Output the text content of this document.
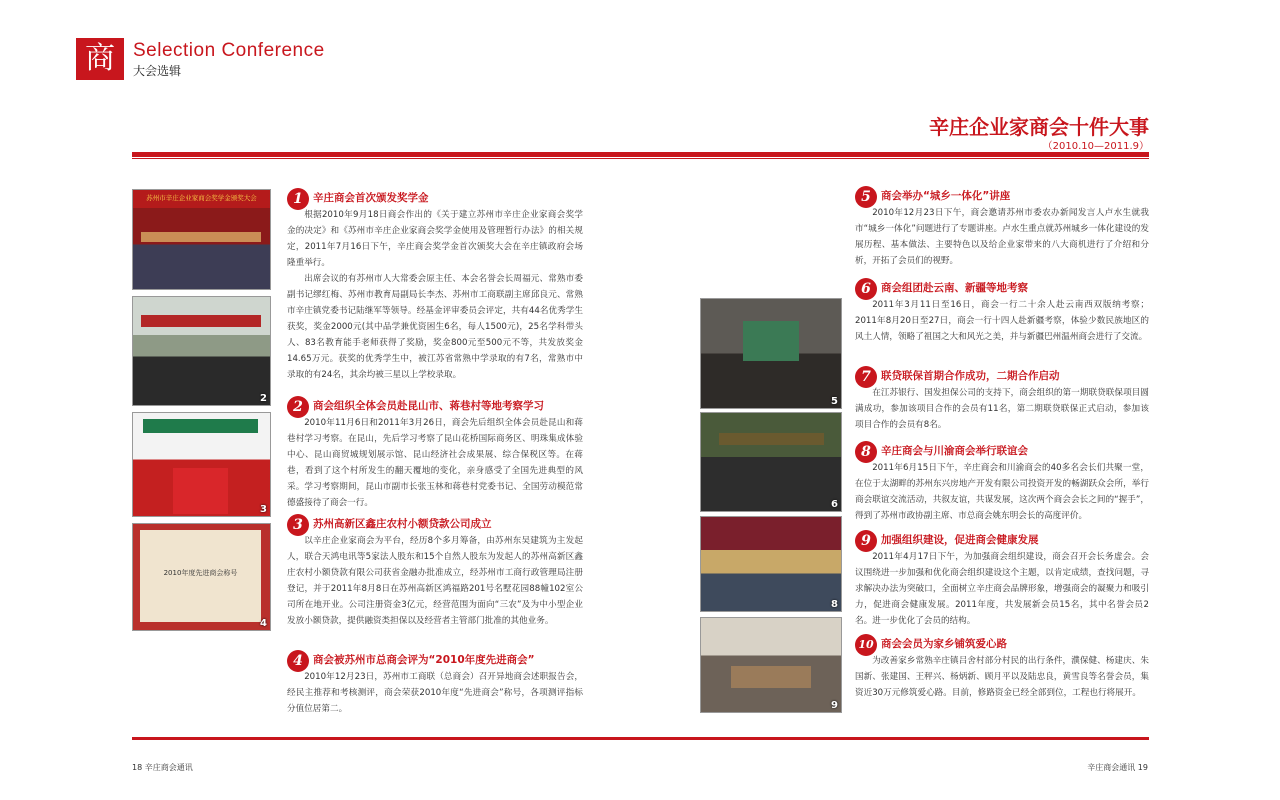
商 Selection Conference
大会选辑
辛庄企业家商会十件大事
（2010.10—2011.9）
苏州市辛庄企业家商会奖学金颁奖大会
2
3
2010年度先进商会称号
4
5
6
8
9
1 辛庄商会首次颁发奖学金
根据2010年9月18日商会作出的《关于建立苏州市辛庄企业家商会奖学金的决定》和《苏州市辛庄企业家商会奖学金使用及管理暂行办法》的相关规定，2011年7月16日下午，辛庄商会奖学金首次颁奖大会在辛庄镇政府会场隆重举行。
出席会议的有苏州市人大常委会原主任、本会名誉会长周福元、常熟市委副书记缪红梅、苏州市教育局副局长李杰、苏州市工商联副主席邱良元、常熟市辛庄镇党委书记陆继军等领导。经基金评审委员会评定，共有44名优秀学生获奖，奖金2000元(其中品学兼优资困生6名，每人1500元)，25名学科带头人、83名教育能手老师获得了奖励，奖金800元至500元不等，共发放奖金14.65万元。获奖的优秀学生中，被江苏省常熟中学录取的有7名，常熟市中录取的有24名，其余均被三星以上学校录取。
2 商会组织全体会员赴昆山市、蒋巷村等地考察学习
2010年11月6日和2011年3月26日，商会先后组织全体会员赴昆山和蒋巷村学习考察。在昆山，先后学习考察了昆山花桥国际商务区、明珠集成体验中心、昆山商贸城规划展示馆、昆山经济社会成果展、综合保税区等。在蒋巷，看到了这个村所发生的翻天覆地的变化，亲身感受了全国先进典型的风采。学习考察期间，昆山市副市长张玉林和蒋巷村党委书记、全国劳动模范常德盛接待了商会一行。
3 苏州高新区鑫庄农村小额贷款公司成立
以辛庄企业家商会为平台，经历8个多月筹备，由苏州东吴建筑为主发起人，联合天鸿电讯等5家法人股东和15个自然人股东为发起人的苏州高新区鑫庄农村小额贷款有限公司获省金融办批准成立，经苏州市工商行政管理局注册登记，并于2011年8月8日在苏州高新区鸿福路201号名墅花园88幢102室公司所在地开业。公司注册资金3亿元，经营范围为面向“三农”及为中小型企业发放小额贷款，提供融资类担保以及经营者主管部门批准的其他业务。
4 商会被苏州市总商会评为“2010年度先进商会”
2010年12月23日，苏州市工商联（总商会）召开异地商会述职报告会，经民主推荐和考核测评，商会荣获2010年度“先进商会”称号，各项测评指标分值位居第二。
5 商会举办“城乡一体化”讲座
2010年12月23日下午，商会邀请苏州市委农办新闻发言人卢水生就我市“城乡一体化”问题进行了专题讲座。卢水生重点就苏州城乡一体化建设的发展历程、基本做法、主要特色以及给企业家带来的八大商机进行了介绍和分析，开拓了会员们的视野。
6 商会组团赴云南、新疆等地考察
2011年3月11日至16日，商会一行二十余人赴云南西双版纳考察；2011年8月20日至27日，商会一行十四人赴新疆考察，体验少数民族地区的风土人情，领略了祖国之大和风光之美，并与新疆巴州温州商会进行了交流。
7 联贷联保首期合作成功，二期合作启动
在江苏银行、国发担保公司的支持下，商会组织的第一期联贷联保项目圆满成功，参加该项目合作的会员有11名，第二期联贷联保正式启动，参加该项目合作的会员有8名。
8 辛庄商会与川渝商会举行联谊会
2011年6月15日下午，辛庄商会和川渝商会的40多名会长们共聚一堂，在位于太湖畔的苏州东兴房地产开发有限公司投资开发的畅湖跃众会所，举行商会联谊交流活动，共叙友谊，共谋发展，这次两个商会会长之间的“握手”，得到了苏州市政协副主席、市总商会姚东明会长的高度评价。
9 加强组织建设，促进商会健康发展
2011年4月17日下午，为加强商会组织建设，商会召开会长务虚会。会议围绕进一步加强和优化商会组织建设这个主题，以肯定成绩，查找问题，寻求解决办法为突破口，全面树立辛庄商会品牌形象，增强商会的凝聚力和吸引力，促进商会健康发展。2011年度，共发展新会员15名，其中名誉会员2名。进一步优化了会员的结构。
10 商会会员为家乡铺筑爱心路
为改善家乡常熟辛庄镇吕舍村部分村民的出行条件，濮保健、杨建庆、朱国新、张建国、王秤兴、杨炳新、顾月平以及陆忠良，黄雪良等名誉会员，集资近30万元修筑爱心路。目前，修路资金已经全部到位，工程也行将展开。
18 辛庄商会通讯	辛庄商会通讯 19
